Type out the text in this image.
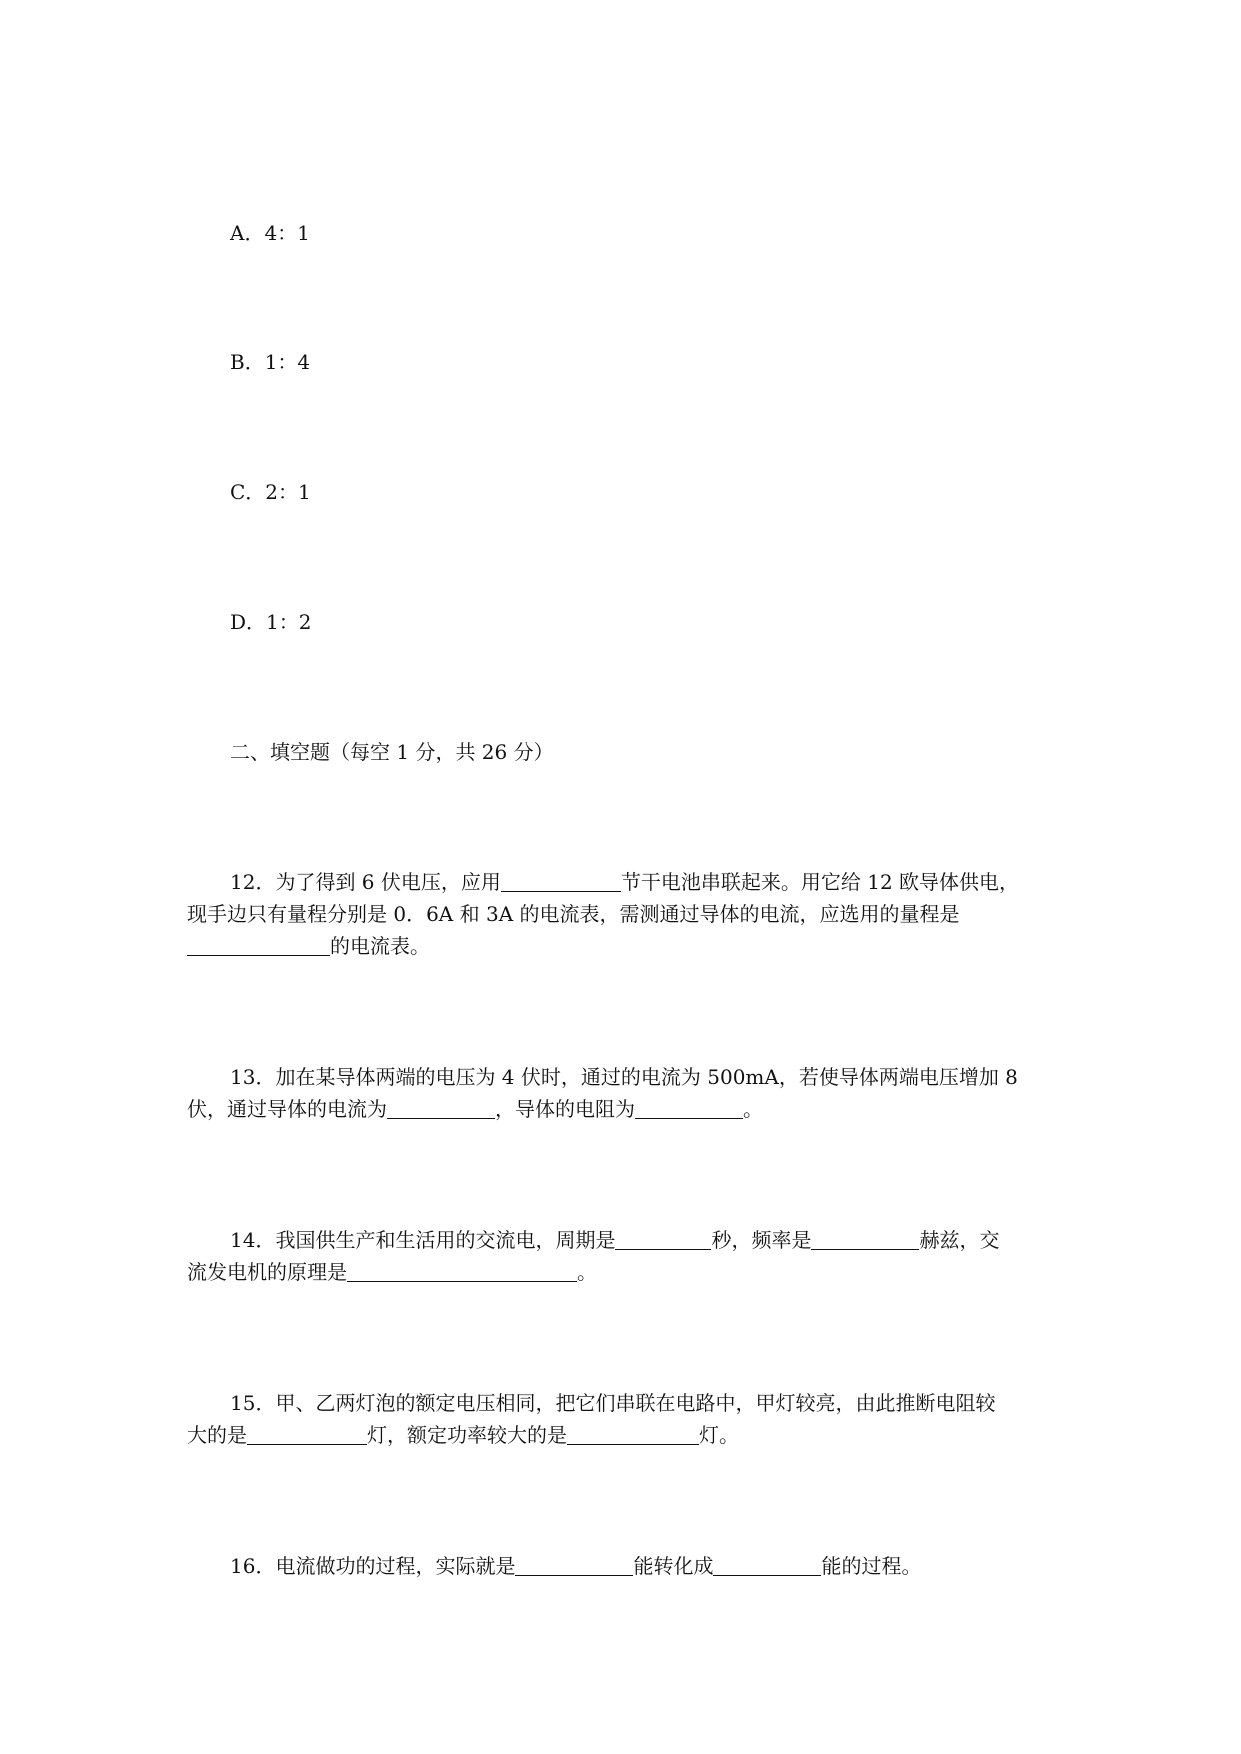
A．4：1
B．1：4
C．2：1
D．1：2
二、填空题（每空 1 分，共 26 分）
12．为了得到 6 伏电压，应用	节干电池串联起来。用它给 12 欧导体供电，
现手边只有量程分别是 0．6A 和 3A 的电流表，需测通过导体的电流，应选用的量程是
的电流表。
13．加在某导体两端的电压为 4 伏时，通过的电流为 500mA，若使导体两端电压增加 8
伏，通过导体的电流为	，导体的电阻为	。
14．我国供生产和生活用的交流电，周期是	秒，频率是	赫兹，交
流发电机的原理是	。
15．甲、乙两灯泡的额定电压相同，把它们串联在电路中，甲灯较亮，由此推断电阻较
大的是	灯，额定功率较大的是	灯。
16．电流做功的过程，实际就是	能转化成	能的过程。
